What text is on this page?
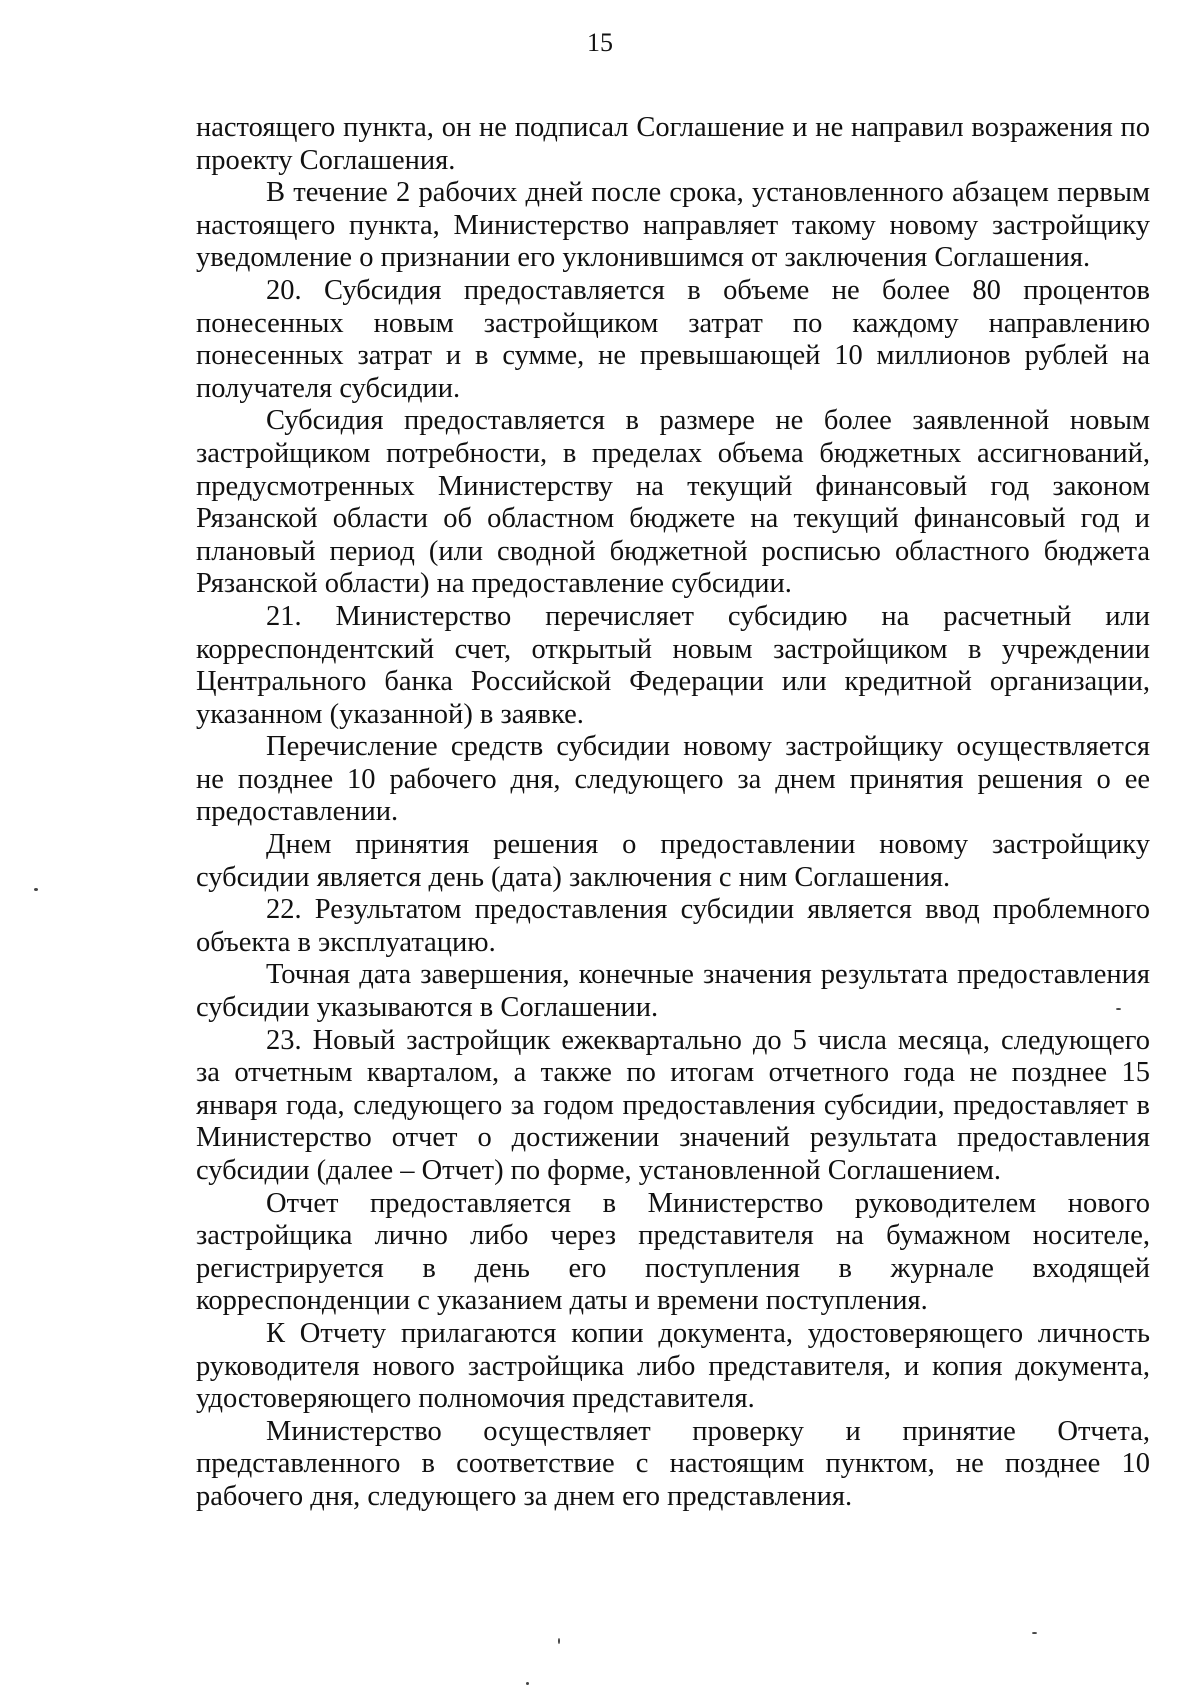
15

настоящего пункта, он не подписал Соглашение и не направил возражения по проекту Соглашения.

В течение 2 рабочих дней после срока, установленного абзацем первым настоящего пункта, Министерство направляет такому новому застройщику уведомление о признании его уклонившимся от заключения Соглашения.

20. Субсидия предоставляется в объеме не более 80 процентов понесенных новым застройщиком затрат по каждому направлению понесенных затрат и в сумме, не превышающей 10 миллионов рублей на получателя субсидии.

Субсидия предоставляется в размере не более заявленной новым застройщиком потребности, в пределах объема бюджетных ассигнований, предусмотренных Министерству на текущий финансовый год законом Рязанской области об областном бюджете на текущий финансовый год и плановый период (или сводной бюджетной росписью областного бюджета Рязанской области) на предоставление субсидии.

21. Министерство перечисляет субсидию на расчетный или корреспондентский счет, открытый новым застройщиком в учреждении Центрального банка Российской Федерации или кредитной организации, указанном (указанной) в заявке.

Перечисление средств субсидии новому застройщику осуществляется не позднее 10 рабочего дня, следующего за днем принятия решения о ее предоставлении.

Днем принятия решения о предоставлении новому застройщику субсидии является день (дата) заключения с ним Соглашения.

22. Результатом предоставления субсидии является ввод проблемного объекта в эксплуатацию.

Точная дата завершения, конечные значения результата предоставления субсидии указываются в Соглашении.

23. Новый застройщик ежеквартально до 5 числа месяца, следующего за отчетным кварталом, а также по итогам отчетного года не позднее 15 января года, следующего за годом предоставления субсидии, предоставляет в Министерство отчет о достижении значений результата предоставления субсидии (далее – Отчет) по форме, установленной Соглашением.

Отчет предоставляется в Министерство руководителем нового застройщика лично либо через представителя на бумажном носителе, регистрируется в день его поступления в журнале входящей корреспонденции с указанием даты и времени поступления.

К Отчету прилагаются копии документа, удостоверяющего личность руководителя нового застройщика либо представителя, и копия документа, удостоверяющего полномочия представителя.

Министерство осуществляет проверку и принятие Отчета, представленного в соответствие с настоящим пунктом, не позднее 10 рабочего дня, следующего за днем его представления.
